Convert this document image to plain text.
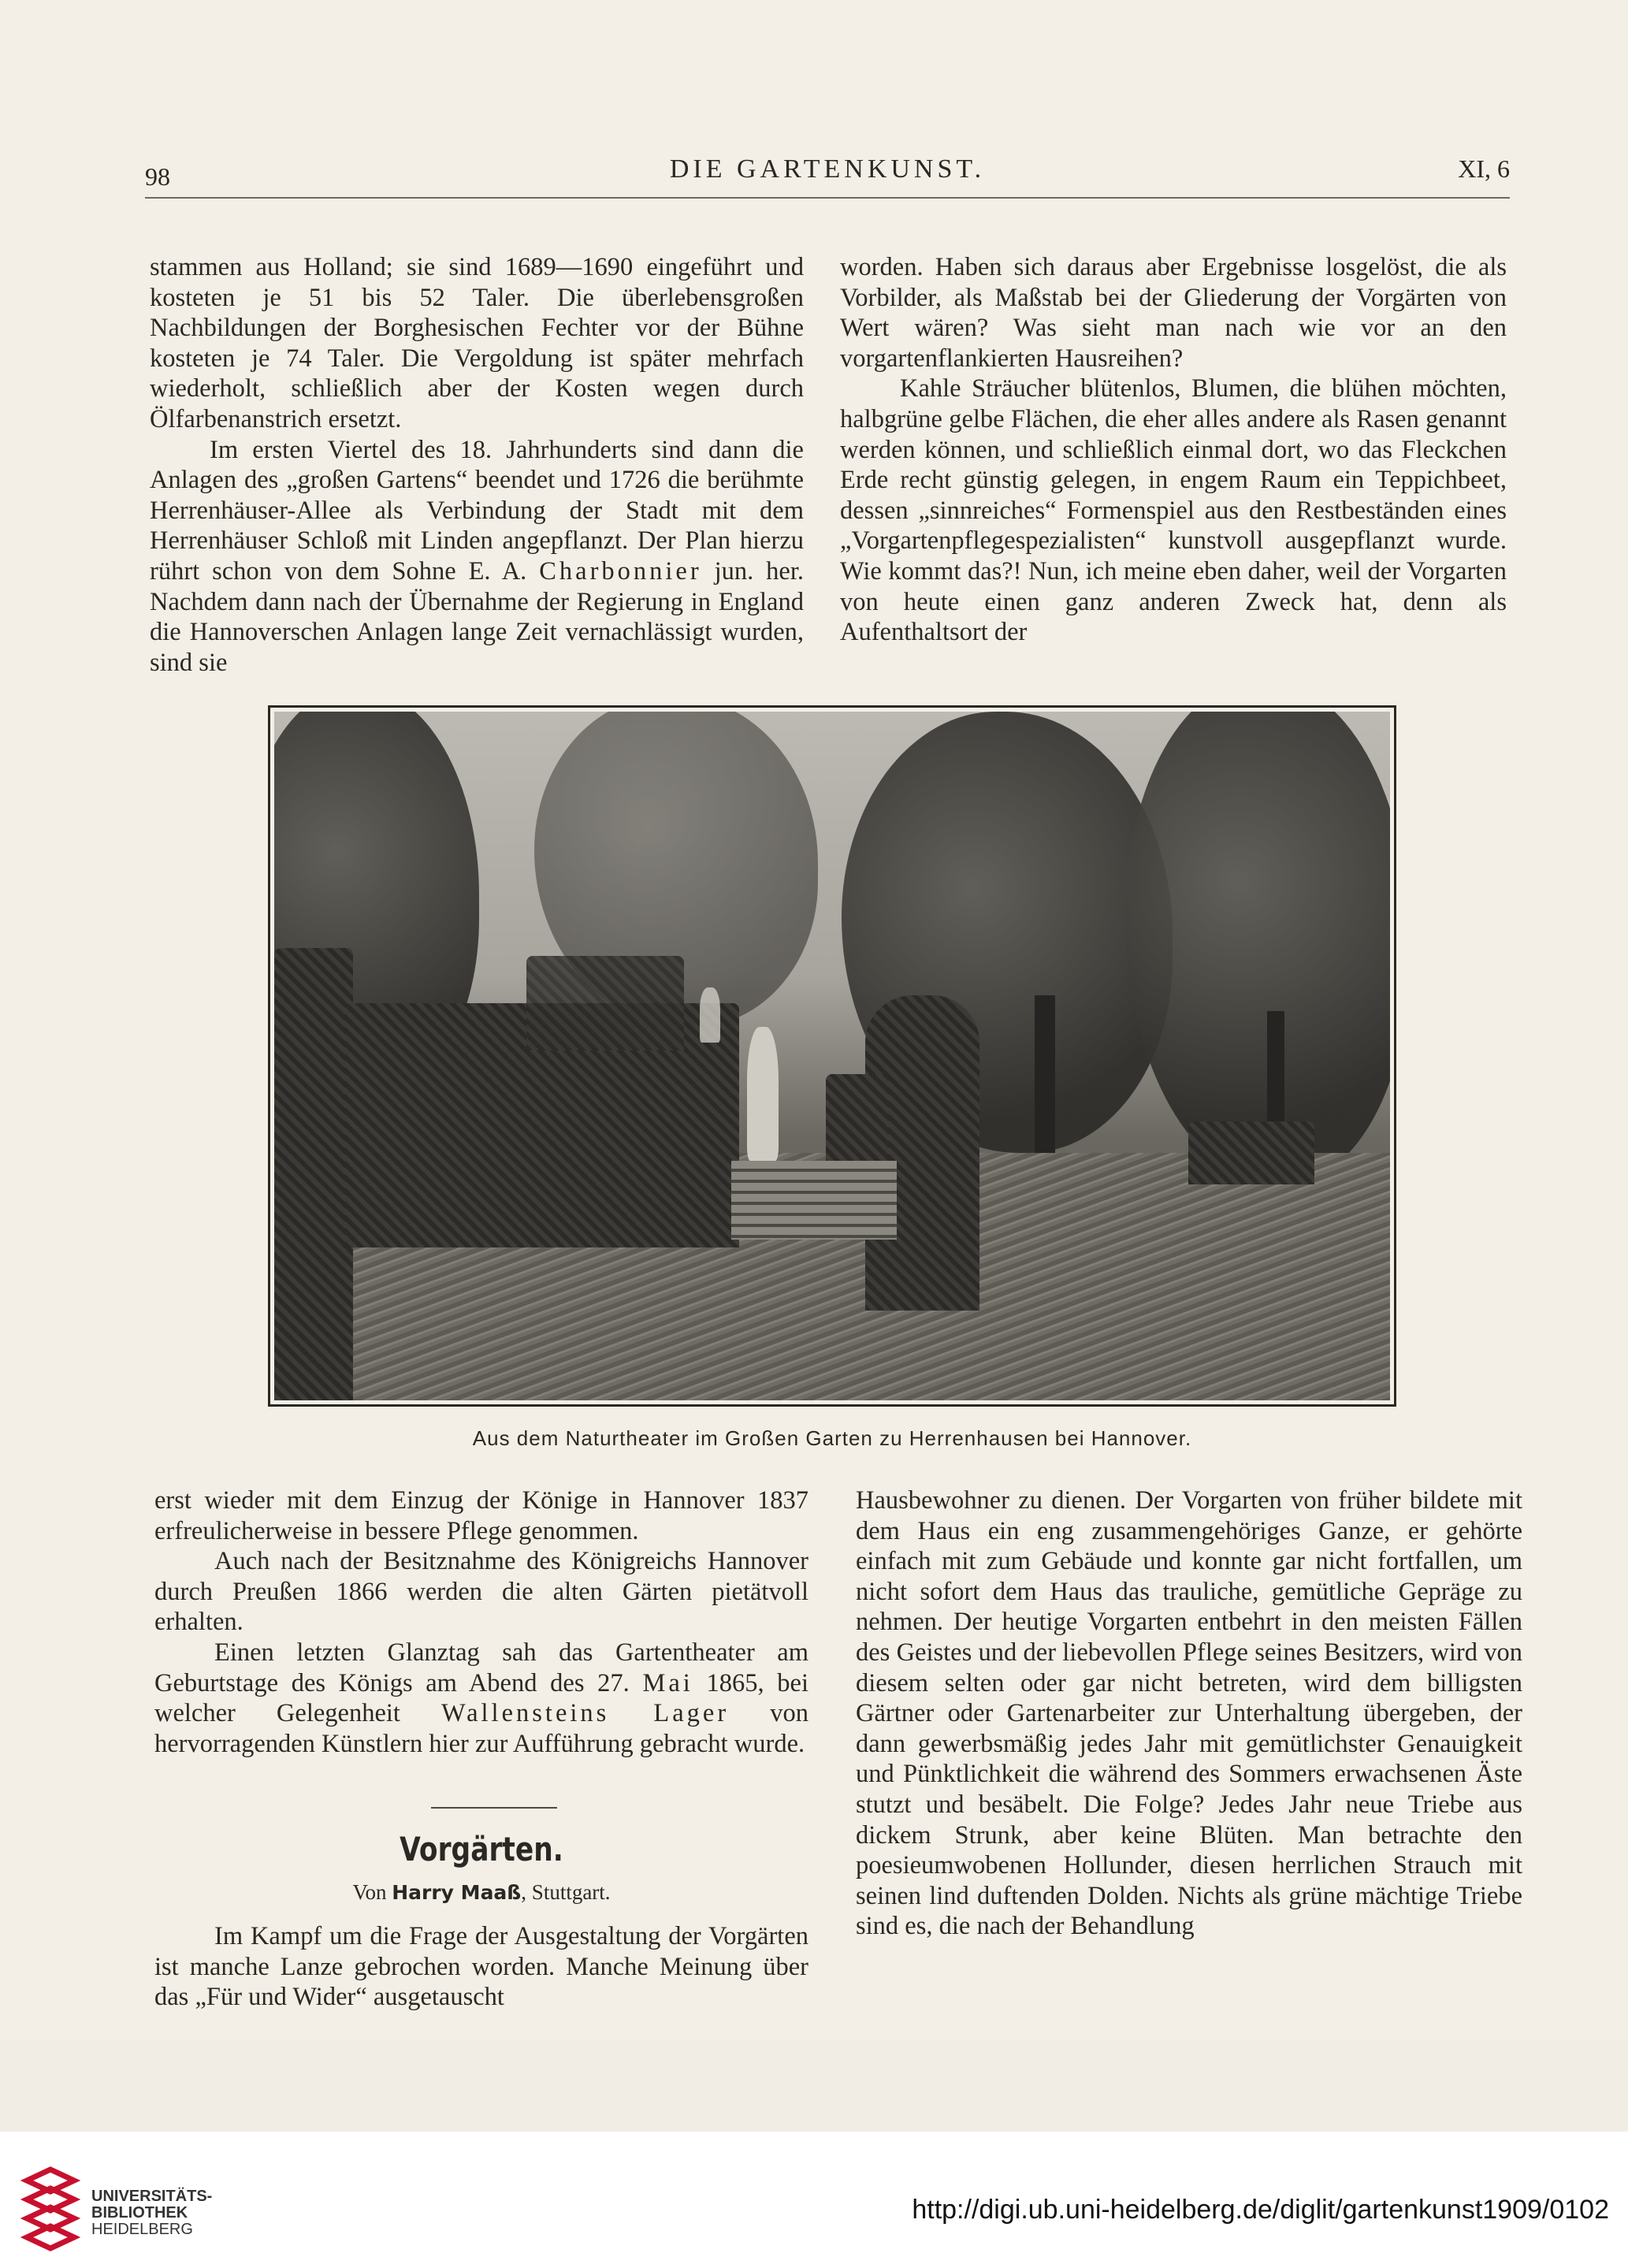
98	DIE GARTENKUNST.	XI, 6

stammen aus Holland; sie sind 1689—1690 eingeführt und kosteten je 51 bis 52 Taler. Die überlebensgroßen Nachbildungen der Borghesischen Fechter vor der Bühne kosteten je 74 Taler. Die Vergoldung ist später mehrfach wiederholt, schließlich aber der Kosten wegen durch Ölfarbenanstrich ersetzt.

Im ersten Viertel des 18. Jahrhunderts sind dann die Anlagen des „großen Gartens“ beendet und 1726 die berühmte Herrenhäuser-Allee als Verbindung der Stadt mit dem Herrenhäuser Schloß mit Linden angepflanzt. Der Plan hierzu rührt schon von dem Sohne E. A. Charbonnier jun. her. Nachdem dann nach der Übernahme der Regierung in England die Hannoverschen Anlagen lange Zeit vernachlässigt wurden, sind sie

worden. Haben sich daraus aber Ergebnisse losgelöst, die als Vorbilder, als Maßstab bei der Gliederung der Vorgärten von Wert wären? Was sieht man nach wie vor an den vorgartenflankierten Hausreihen?

Kahle Sträucher blütenlos, Blumen, die blühen möchten, halbgrüne gelbe Flächen, die eher alles andere als Rasen genannt werden können, und schließlich einmal dort, wo das Fleckchen Erde recht günstig gelegen, in engem Raum ein Teppichbeet, dessen „sinnreiches“ Formenspiel aus den Restbeständen eines „Vorgartenpflegespezialisten“ kunstvoll ausgepflanzt wurde. Wie kommt das?! Nun, ich meine eben daher, weil der Vorgarten von heute einen ganz anderen Zweck hat, denn als Aufenthaltsort der

Aus dem Naturtheater im Großen Garten zu Herrenhausen bei Hannover.

erst wieder mit dem Einzug der Könige in Hannover 1837 erfreulicherweise in bessere Pflege genommen.

Auch nach der Besitznahme des Königreichs Hannover durch Preußen 1866 werden die alten Gärten pietätvoll erhalten.

Einen letzten Glanztag sah das Gartentheater am Geburtstage des Königs am Abend des 27. Mai 1865, bei welcher Gelegenheit Wallensteins Lager von hervorragenden Künstlern hier zur Aufführung gebracht wurde.

Vorgärten.
Von Harry Maaß, Stuttgart.

Im Kampf um die Frage der Ausgestaltung der Vorgärten ist manche Lanze gebrochen worden. Manche Meinung über das „Für und Wider“ ausgetauscht

Hausbewohner zu dienen. Der Vorgarten von früher bildete mit dem Haus ein eng zusammengehöriges Ganze, er gehörte einfach mit zum Gebäude und konnte gar nicht fortfallen, um nicht sofort dem Haus das trauliche, gemütliche Gepräge zu nehmen. Der heutige Vorgarten entbehrt in den meisten Fällen des Geistes und der liebevollen Pflege seines Besitzers, wird von diesem selten oder gar nicht betreten, wird dem billigsten Gärtner oder Gartenarbeiter zur Unterhaltung übergeben, der dann gewerbsmäßig jedes Jahr mit gemütlichster Genauigkeit und Pünktlichkeit die während des Sommers erwachsenen Äste stutzt und besäbelt. Die Folge? Jedes Jahr neue Triebe aus dickem Strunk, aber keine Blüten. Man betrachte den poesieumwobenen Hollunder, diesen herrlichen Strauch mit seinen lind duftenden Dolden. Nichts als grüne mächtige Triebe sind es, die nach der Behandlung

UNIVERSITÄTS-
BIBLIOTHEK
HEIDELBERG
http://digi.ub.uni-heidelberg.de/diglit/gartenkunst1909/0102
